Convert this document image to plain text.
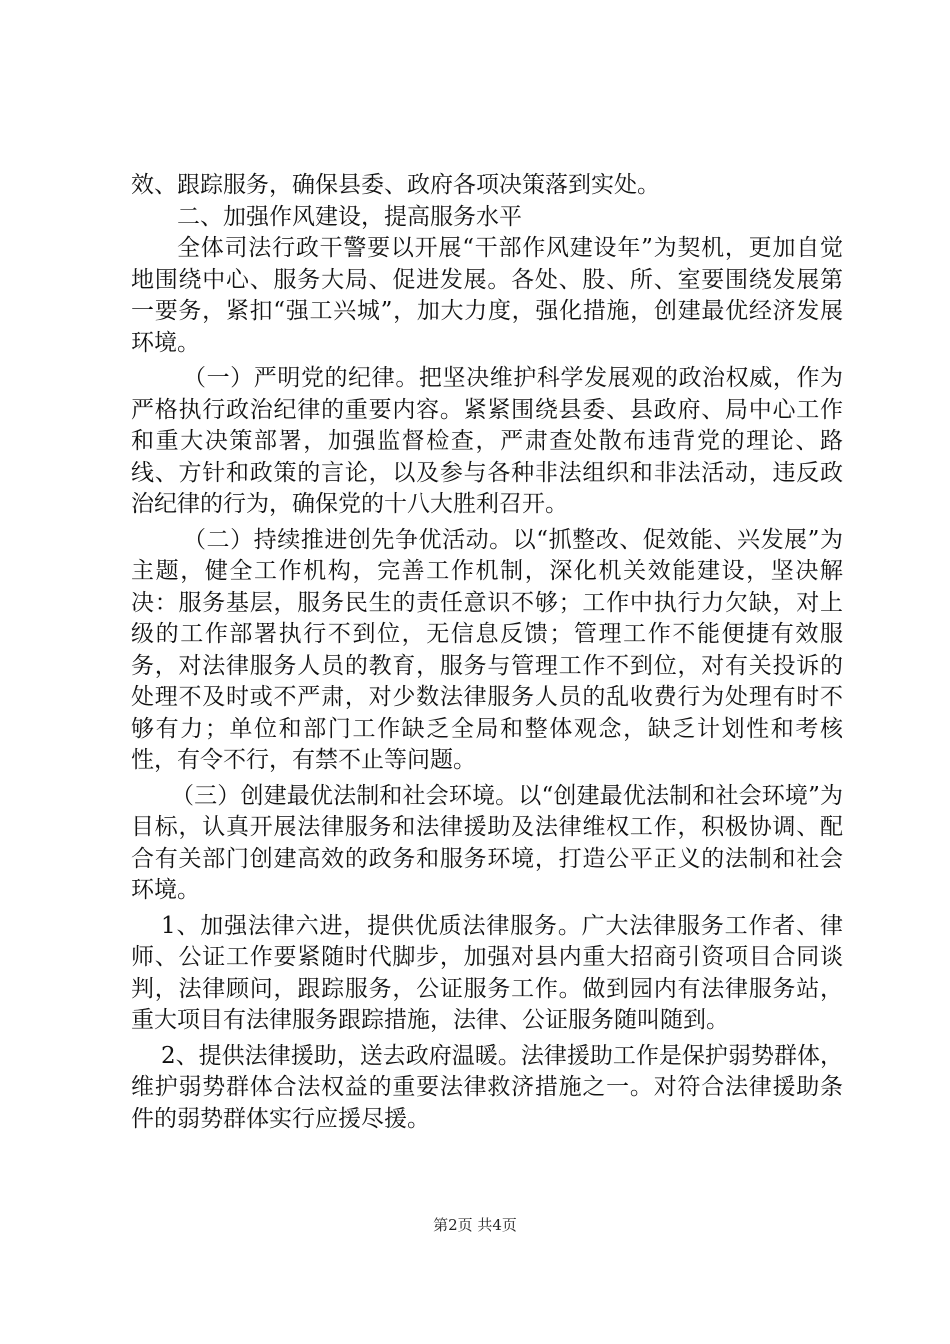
效、跟踪服务，确保县委、政府各项决策落到实处。

二、加强作风建设，提高服务水平

全体司法行政干警要以开展“干部作风建设年”为契机，更加自觉地围绕中心、服务大局、促进发展。各处、股、所、室要围绕发展第一要务，紧扣“强工兴城”，加大力度，强化措施，创建最优经济发展环境。

（一）严明党的纪律。把坚决维护科学发展观的政治权威，作为严格执行政治纪律的重要内容。紧紧围绕县委、县政府、局中心工作和重大决策部署，加强监督检查，严肃查处散布违背党的理论、路线、方针和政策的言论，以及参与各种非法组织和非法活动，违反政治纪律的行为，确保党的十八大胜利召开。

（二）持续推进创先争优活动。以“抓整改、促效能、兴发展”为主题，健全工作机构，完善工作机制，深化机关效能建设，坚决解决：服务基层，服务民生的责任意识不够；工作中执行力欠缺，对上级的工作部署执行不到位，无信息反馈；管理工作不能便捷有效服务，对法律服务人员的教育，服务与管理工作不到位，对有关投诉的处理不及时或不严肃，对少数法律服务人员的乱收费行为处理有时不够有力；单位和部门工作缺乏全局和整体观念，缺乏计划性和考核性，有令不行，有禁不止等问题。

（三）创建最优法制和社会环境。以“创建最优法制和社会环境”为目标，认真开展法律服务和法律援助及法律维权工作，积极协调、配合有关部门创建高效的政务和服务环境，打造公平正义的法制和社会环境。

1、加强法律六进，提供优质法律服务。广大法律服务工作者、律师、公证工作要紧随时代脚步，加强对县内重大招商引资项目合同谈判，法律顾问，跟踪服务，公证服务工作。做到园内有法律服务站，重大项目有法律服务跟踪措施，法律、公证服务随叫随到。

2、提供法律援助，送去政府温暖。法律援助工作是保护弱势群体，维护弱势群体合法权益的重要法律救济措施之一。对符合法律援助条件的弱势群体实行应援尽援。

第2页 共4页
